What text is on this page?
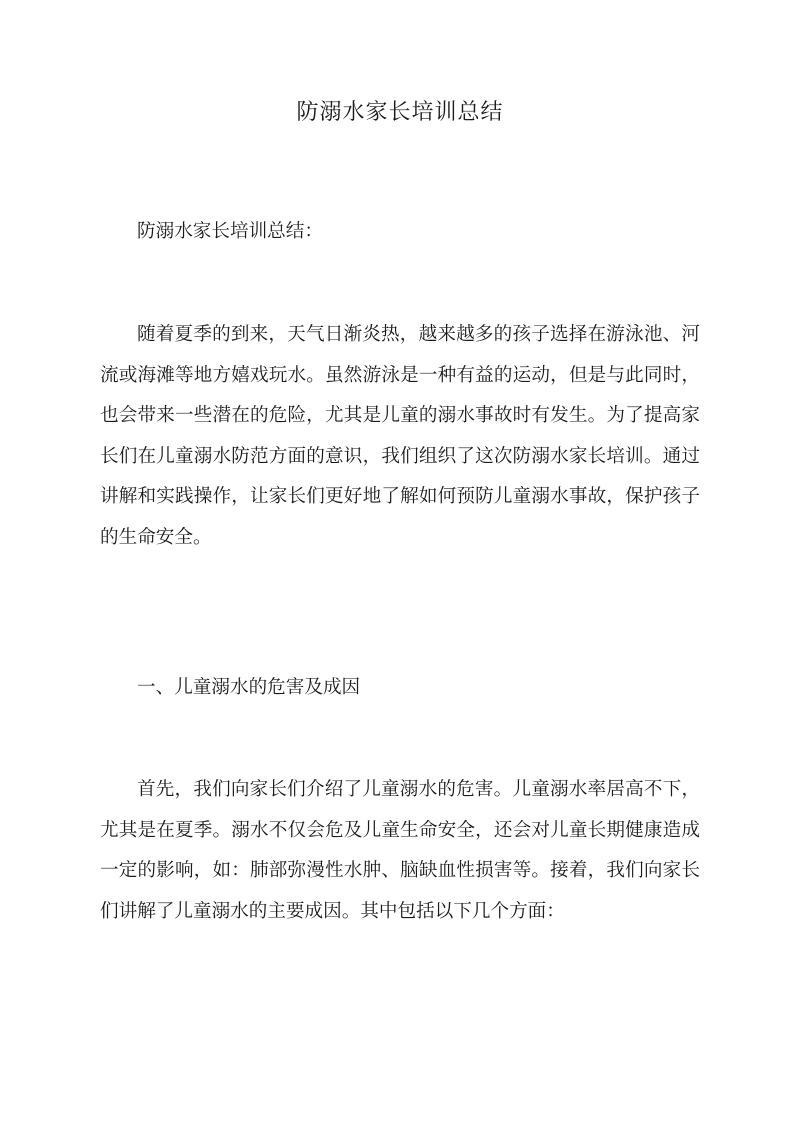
防溺水家长培训总结

防溺水家长培训总结：

随着夏季的到来，天气日渐炎热，越来越多的孩子选择在游泳池、河流或海滩等地方嬉戏玩水。虽然游泳是一种有益的运动，但是与此同时，也会带来一些潜在的危险，尤其是儿童的溺水事故时有发生。为了提高家长们在儿童溺水防范方面的意识，我们组织了这次防溺水家长培训。通过讲解和实践操作，让家长们更好地了解如何预防儿童溺水事故，保护孩子的生命安全。

一、儿童溺水的危害及成因

首先，我们向家长们介绍了儿童溺水的危害。儿童溺水率居高不下，尤其是在夏季。溺水不仅会危及儿童生命安全，还会对儿童长期健康造成一定的影响，如：肺部弥漫性水肿、脑缺血性损害等。接着，我们向家长们讲解了儿童溺水的主要成因。其中包括以下几个方面：
